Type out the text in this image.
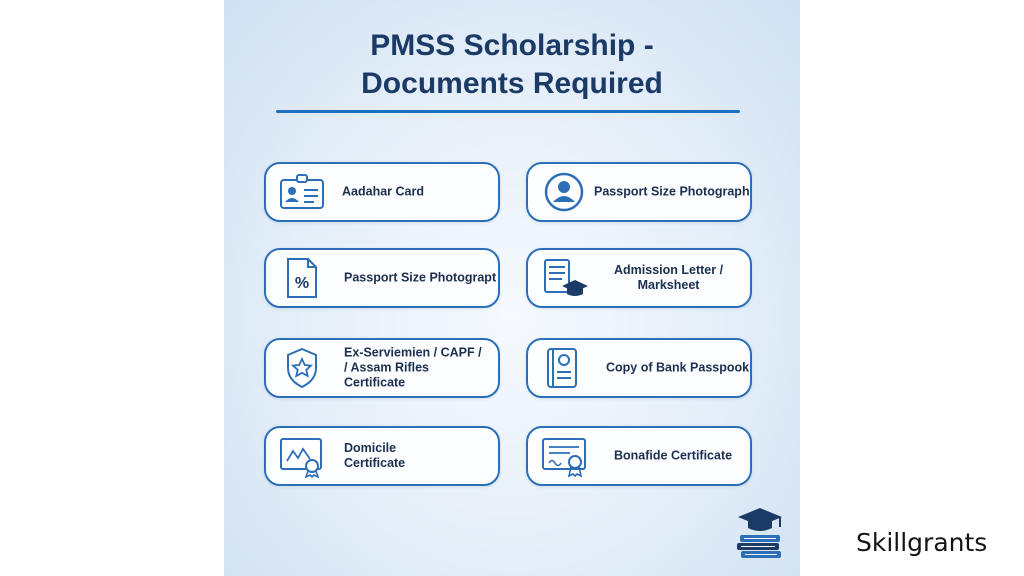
PMSS Scholarship -
Documents Required
Aadahar Card	Passport Size Photograph
%	Passport Size Photograpt
Admission Letter /
Marksheet
Ex-Serviemien / CAPF /
/ Assam Rifles
Certificate
Copy of Bank Passpook
Domicile
Certificate
Bonafide Certificate
Skillgrants
